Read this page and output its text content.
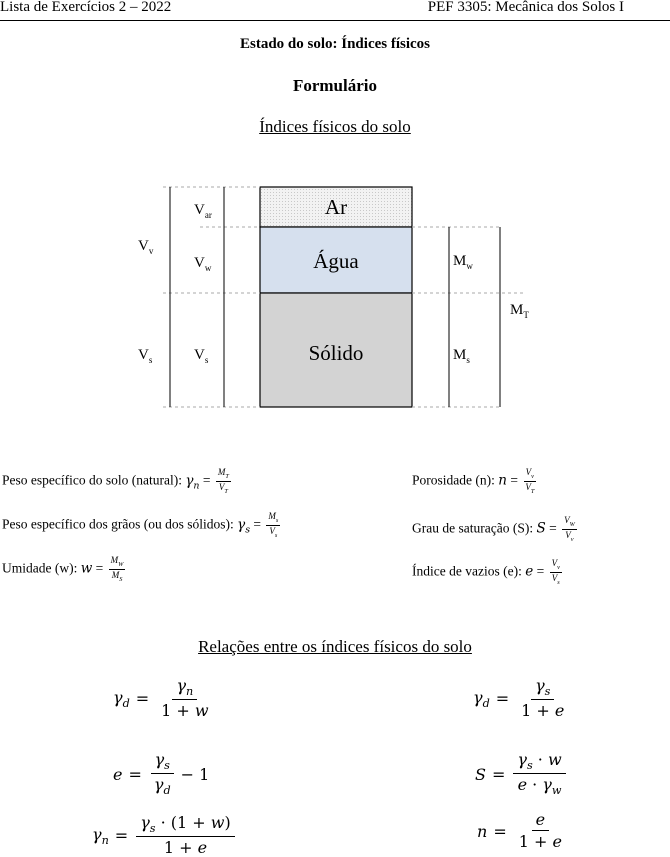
Lista de Exercícios 2 – 2022	PEF 3305: Mecânica dos Solos I
Estado do solo: Índices físicos
Formulário
Índices físicos do solo
Ar
Água
Sólido
$V_v$
$V_s$
$V_{ar}$
$V_w$
$V_s$
$M_w$
$M_s$
$M_T$
Peso específico do solo (natural): $\gamma_n = \frac{M_T}{V_T}$
Peso específico dos grãos (ou dos sólidos): $\gamma_s = \frac{M_s}{V_s}$
Umidade (w): $w = \frac{M_W}{M_S}$
Porosidade (n): $n = \frac{V_v}{V_T}$
Grau de saturação (S): $S = \frac{V_W}{V_v}$
Índice de vazios (e): $e = \frac{V_v}{V_s}$
Relações entre os índices físicos do solo
$\gamma_d = \frac{\gamma_n}{1 + w}$	$\gamma_d = \frac{\gamma_s}{1 + e}$
$e = \frac{\gamma_s}{\gamma_d} - 1$	$S = \frac{\gamma_s \cdot w}{e \cdot \gamma_w}$
$\gamma_n = \frac{\gamma_s \cdot (1 + w)}{1 + e}$	$n = \frac{e}{1 + e}$
